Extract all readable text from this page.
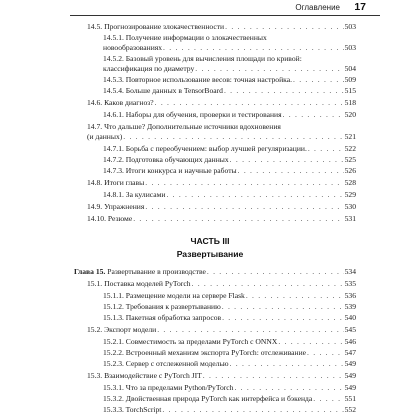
Оглавление 17
14.5. Прогнозирование злокачественности . . .	503
14.5.1. Получение информации о злокачественных
новообразованиях . . .	503
14.5.2. Базовый уровень для вычисления площади по кривой:
классификация по диаметру . . .	504
14.5.3. Повторное использование весов: точная настройка. . . .	509
14.5.4. Больше данных в TensorBoard . . .	515
14.6. Каков диагноз? . . .	518
14.6.1. Наборы для обучения, проверки и тестирования . . .	520
14.7. Что дальше? Дополнительные источники вдохновения
(и данных) . . .	521
14.7.1. Борьба с переобучением: выбор лучшей регуляризации. . . .	522
14.7.2. Подготовка обучающих данных . . .	525
14.7.3. Итоги конкурса и научные работы . . .	526
14.8. Итоги главы . . .	528
14.8.1. За кулисами . . .	529
14.9. Упражнения . . .	530
14.10. Резюме . . .	531
ЧАСТЬ III
Развертывание
Глава 15. Развертывание в производстве . . .	534
15.1. Поставка моделей PyTorch . . .	535
15.1.1. Размещение модели на сервере Flask . . .	536
15.1.2. Требования к развертыванию . . .	539
15.1.3. Пакетная обработка запросов . . .	540
15.2. Экспорт модели . . .	545
15.2.1. Совместимость за пределами PyTorch с ONNX . . .	546
15.2.2. Встроенный механизм экспорта PyTorch: отслеживание . . .	547
15.2.3. Сервер с отслеженной моделью . . .	549
15.3. Взаимодействие с PyTorch JIT . . .	549
15.3.1. Что за пределами Python/PyTorch . . .	549
15.3.2. Двойственная природа PyTorch как интерфейса и бэкенда . . .	551
15.3.3. TorchScript . . .	552
